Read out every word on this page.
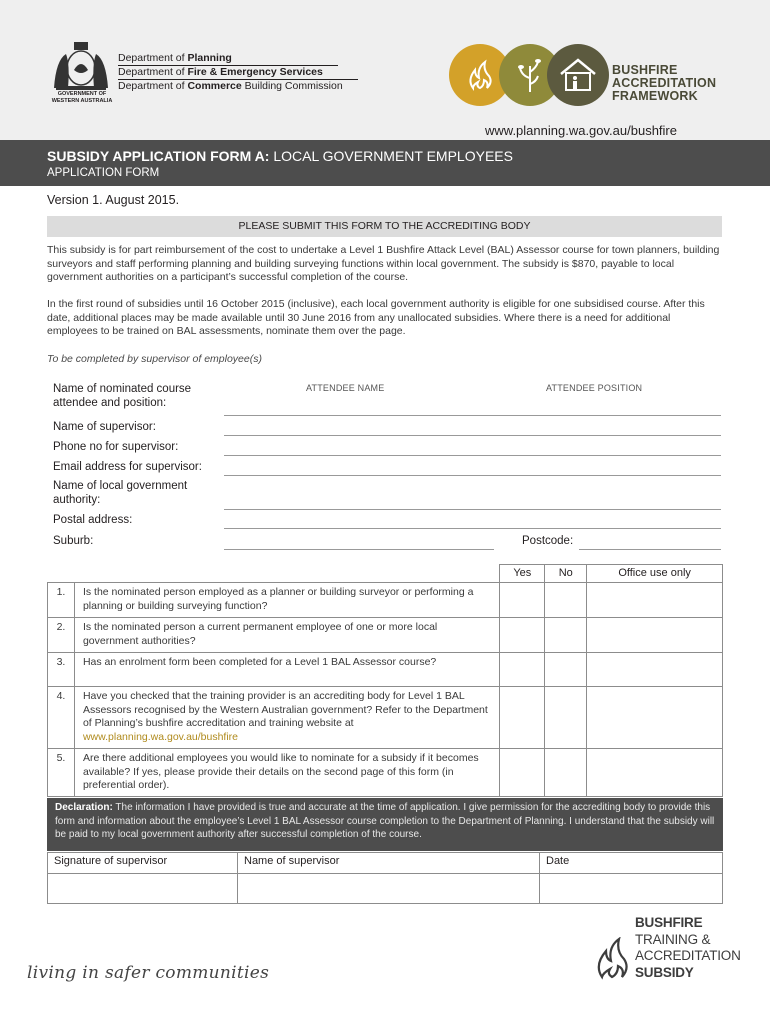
GOVERNMENT OF
WESTERN AUSTRALIA
Department of Planning
Department of Fire & Emergency Services
Department of Commerce Building Commission
BUSHFIRE
ACCREDITATION
FRAMEWORK
www.planning.wa.gov.au/bushfire
SUBSIDY APPLICATION FORM A: LOCAL GOVERNMENT EMPLOYEES
APPLICATION FORM
Version 1. August 2015.
PLEASE SUBMIT THIS FORM TO THE ACCREDITING BODY
This subsidy is for part reimbursement of the cost to undertake a Level 1 Bushfire Attack Level (BAL) Assessor course for town planners, building surveyors and staff performing planning and building surveying functions within local government. The subsidy is $870, payable to local government authorities on a participant’s successful completion of the course.
In the first round of subsidies until 16 October 2015 (inclusive), each local government authority is eligible for one subsidised course. After this date, additional places may be made available until 30 June 2016 from any unallocated subsidies. Where there is a need for additional employees to be trained on BAL assessments, nominate them over the page.
To be completed by supervisor of employee(s)
Name of nominated course
attendee and position:
ATTENDEE NAME	ATTENDEE POSITION
Name of supervisor:
Phone no for supervisor:
Email address for supervisor:
Name of local government
authority:
Postal address:
Suburb:	Postcode:
		Yes	No	Office use only
1.	Is the nominated person employed as a planner or building surveyor or performing a planning or building surveying function?			
2.	Is the nominated person a current permanent employee of one or more local government authorities?			
3.	Has an enrolment form been completed for a Level 1 BAL Assessor course?			
4.	Have you checked that the training provider is an accrediting body for Level 1 BAL Assessors recognised by the Western Australian government? Refer to the Department of Planning’s bushfire accreditation and training website at www.planning.wa.gov.au/bushfire			
5.	Are there additional employees you would like to nominate for a subsidy if it becomes available? If yes, please provide their details on the second page of this form (in preferential order).			
Declaration: The information I have provided is true and accurate at the time of application. I give permission for the accrediting body to provide this form and information about the employee’s Level 1 BAL Assessor course completion to the Department of Planning. I understand that the subsidy will be paid to my local government authority after successful completion of the course.
Signature of supervisor	Name of supervisor	Date

living in safer communities
BUSHFIRE
TRAINING &
ACCREDITATION
SUBSIDY
